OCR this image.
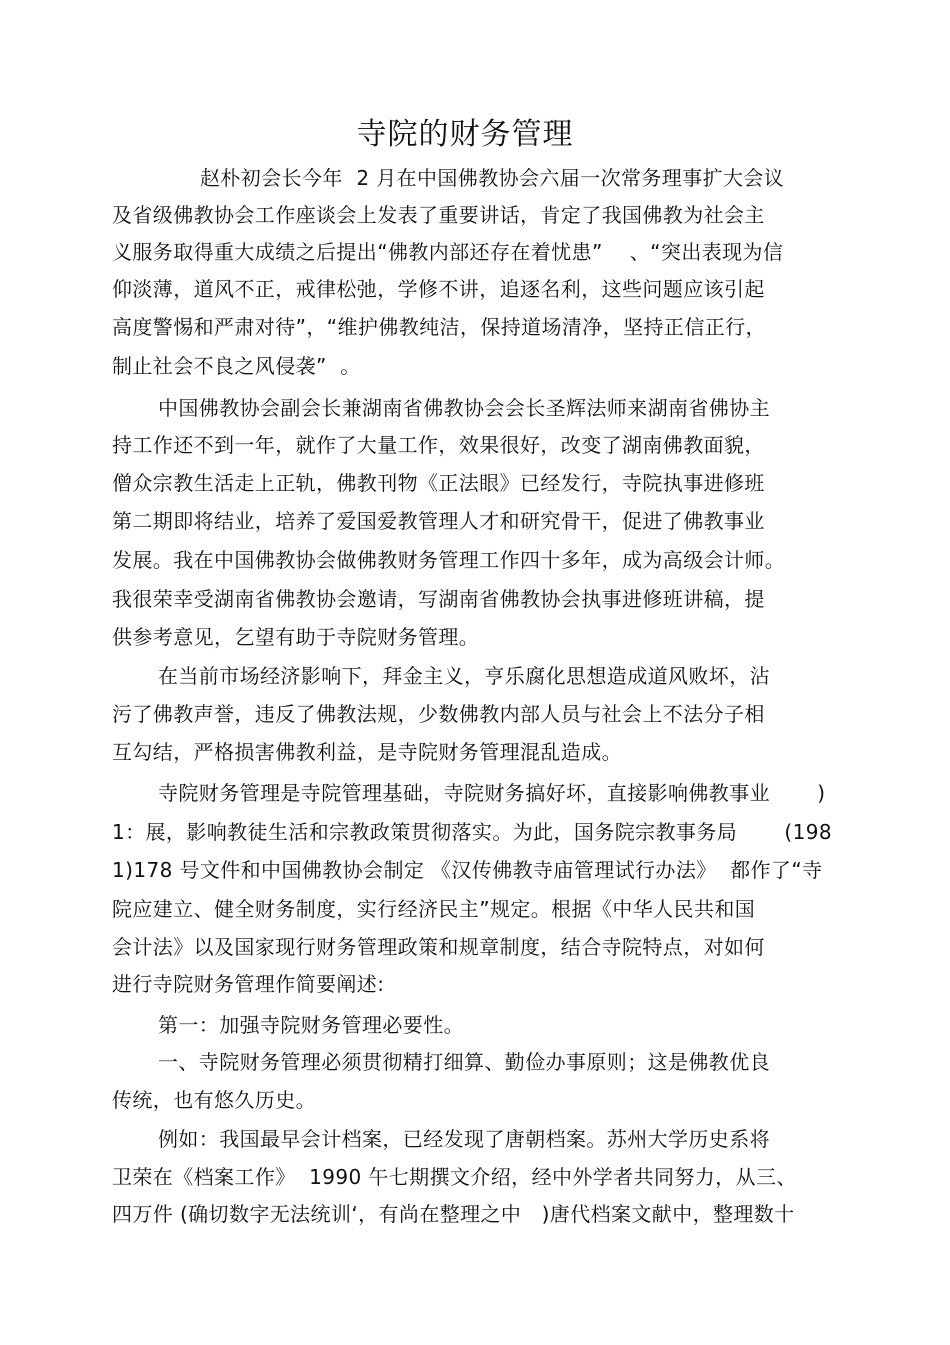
寺院的财务管理
赵朴初会长今年  2 月在中国佛教协会六届一次常务理事扩大会议
及省级佛教协会工作座谈会上发表了重要讲话，肯定了我国佛教为社会主
义服务取得重大成绩之后提出“佛教内部还存在着忧患”    、“突出表现为信
仰淡薄，道风不正，戒律松弛，学修不讲，追逐名利，这些问题应该引起
高度警惕和严肃对待”，“维护佛教纯洁，保持道场清净，坚持正信正行，
制止社会不良之风侵袭”  。
中国佛教协会副会长兼湖南省佛教协会会长圣辉法师来湖南省佛协主
持工作还不到一年，就作了大量工作，效果很好，改变了湖南佛教面貌，
僧众宗教生活走上正轨，佛教刊物《正法眼》已经发行，寺院执事进修班
第二期即将结业，培养了爱国爱教管理人才和研究骨干，促进了佛教事业
发展。我在中国佛教协会做佛教财务管理工作四十多年，成为高级会计师。
我很荣幸受湖南省佛教协会邀请，写湖南省佛教协会执事进修班讲稿，提
供参考意见，乞望有助于寺院财务管理。
在当前市场经济影响下，拜金主义，亨乐腐化思想造成道风败坏，沾
污了佛教声誉，违反了佛教法规，少数佛教内部人员与社会上不法分子相
互勾结，严格损害佛教利益，是寺院财务管理混乱造成。
寺院财务管理是寺院管理基础，寺院财务搞好坏，直接影响佛教事业       )
1：展，影响教徒生活和宗教政策贯彻落实。为此，国务院宗教事务局       (198
1)178 号文件和中国佛教协会制定 《汉传佛教寺庙管理试行办法》  都作了“寺
院应建立、健全财务制度，实行经济民主”规定。根据《中华人民共和国
会计法》以及国家现行财务管理政策和规章制度，结合寺院特点，对如何
进行寺院财务管理作简要阐述:
第一：加强寺院财务管理必要性。
一、寺院财务管理必须贯彻精打细算、勤俭办事原则；这是佛教优良
传统，也有悠久历史。
例如：我国最早会计档案，已经发现了唐朝档案。苏州大学历史系将
卫荣在《档案工作》  1990 午七期撰文介绍，经中外学者共同努力，从三、
四万件 (确切数字无法统训‘，有尚在整理之中   )唐代档案文献中，整理数十
